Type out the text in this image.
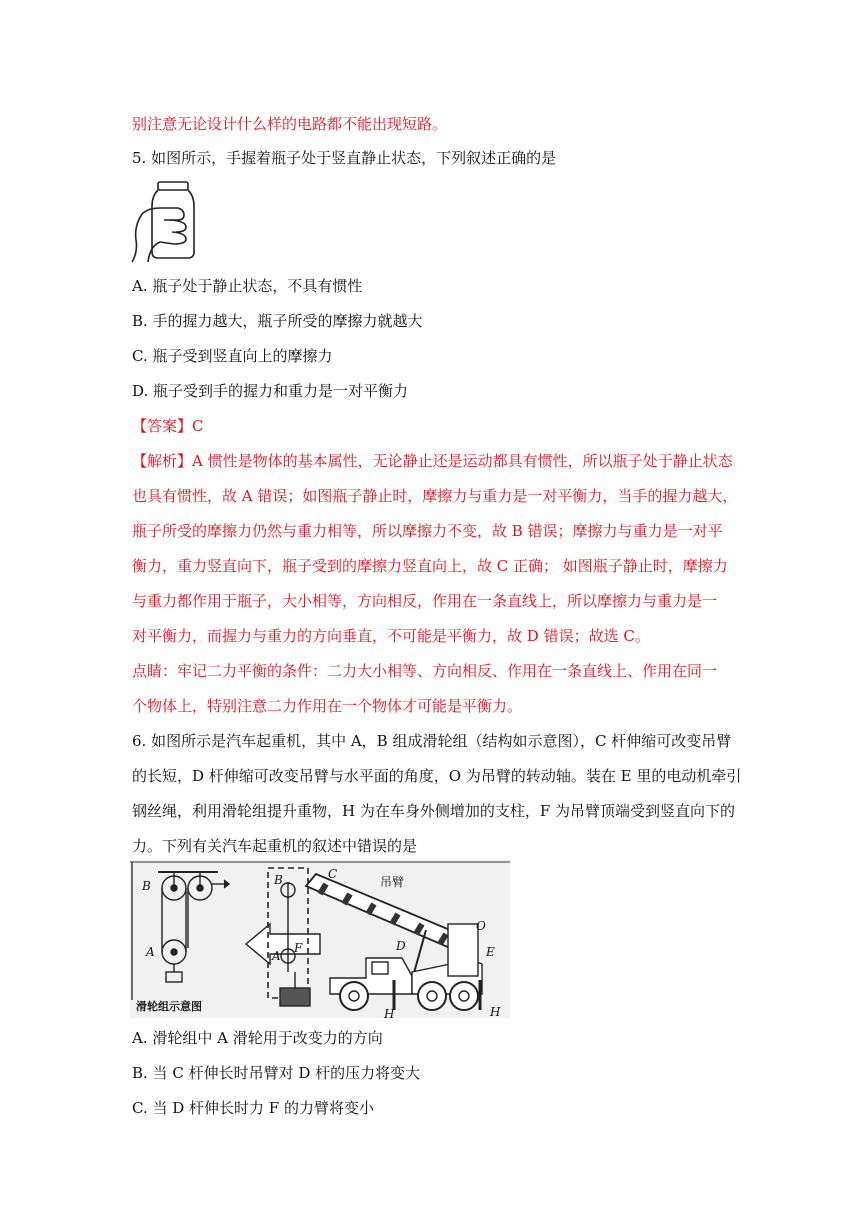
别注意无论设计什么样的电路都不能出现短路。
5. 如图所示，手握着瓶子处于竖直静止状态，下列叙述正确的是
A. 瓶子处于静止状态，不具有惯性
B. 手的握力越大，瓶子所受的摩擦力就越大
C. 瓶子受到竖直向上的摩擦力
D. 瓶子受到手的握力和重力是一对平衡力
【答案】C
【解析】A 惯性是物体的基本属性，无论静止还是运动都具有惯性，所以瓶子处于静止状态
也具有惯性，故 A 错误；如图瓶子静止时，摩擦力与重力是一对平衡力，当手的握力越大，
瓶子所受的摩擦力仍然与重力相等，所以摩擦力不变，故 B 错误；摩擦力与重力是一对平
衡力，重力竖直向下，瓶子受到的摩擦力竖直向上，故 C 正确； 如图瓶子静止时，摩擦力
与重力都作用于瓶子，大小相等，方向相反，作用在一条直线上，所以摩擦力与重力是一
对平衡力，而握力与重力的方向垂直，不可能是平衡力，故 D 错误；故选 C。
点睛：牢记二力平衡的条件：二力大小相等、方向相反、作用在一条直线上、作用在同一
个物体上，特别注意二力作用在一个物体才可能是平衡力。
6. 如图所示是汽车起重机，其中 A，B 组成滑轮组（结构如示意图），C 杆伸缩可改变吊臂
的长短，D 杆伸缩可改变吊臂与水平面的角度，O 为吊臂的转动轴。装在 E 里的电动机牵引
钢丝绳，利用滑轮组提升重物，H 为在车身外侧增加的支柱，F 为吊臂顶端受到竖直向下的
力。下列有关汽车起重机的叙述中错误的是
B
A
B
A
F
C
O
D	E
H	H
吊臂
滑轮组示意图
A. 滑轮组中 A 滑轮用于改变力的方向
B. 当 C 杆伸长时吊臂对 D 杆的压力将变大
C. 当 D 杆伸长时力 F 的力臂将变小
